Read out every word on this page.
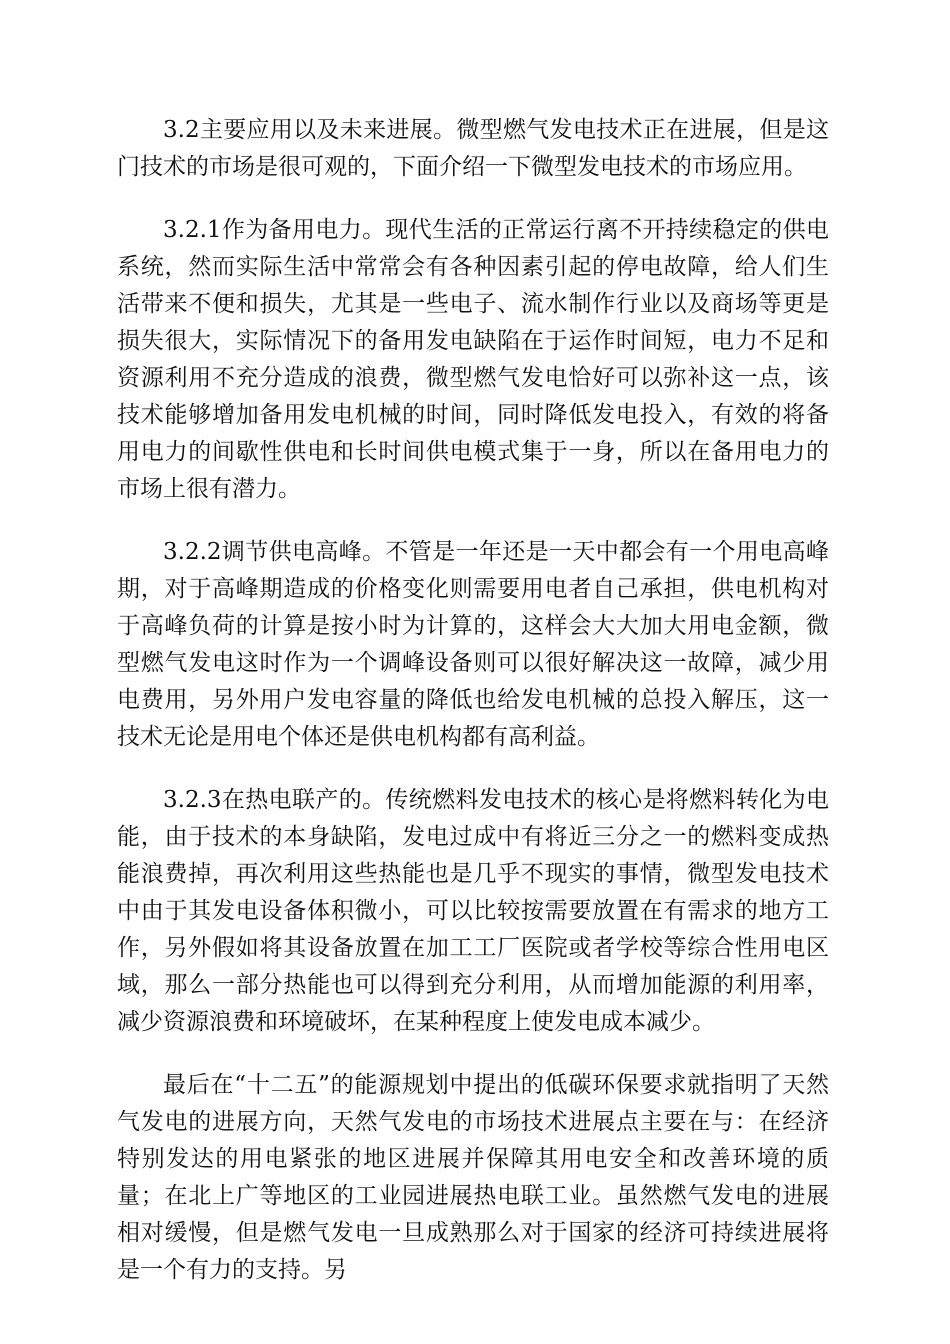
3.2主要应用以及未来进展。微型燃气发电技术正在进展，但是这门技术的市场是很可观的，下面介绍一下微型发电技术的市场应用。

3.2.1作为备用电力。现代生活的正常运行离不开持续稳定的供电系统，然而实际生活中常常会有各种因素引起的停电故障，给人们生活带来不便和损失，尤其是一些电子、流水制作行业以及商场等更是损失很大，实际情况下的备用发电缺陷在于运作时间短，电力不足和资源利用不充分造成的浪费，微型燃气发电恰好可以弥补这一点，该技术能够增加备用发电机械的时间，同时降低发电投入，有效的将备用电力的间歇性供电和长时间供电模式集于一身，所以在备用电力的市场上很有潜力。

3.2.2调节供电高峰。不管是一年还是一天中都会有一个用电高峰期，对于高峰期造成的价格变化则需要用电者自己承担，供电机构对于高峰负荷的计算是按小时为计算的，这样会大大加大用电金额，微型燃气发电这时作为一个调峰设备则可以很好解决这一故障，减少用电费用，另外用户发电容量的降低也给发电机械的总投入解压，这一技术无论是用电个体还是供电机构都有高利益。

3.2.3在热电联产的。传统燃料发电技术的核心是将燃料转化为电能，由于技术的本身缺陷，发电过成中有将近三分之一的燃料变成热能浪费掉，再次利用这些热能也是几乎不现实的事情，微型发电技术中由于其发电设备体积微小，可以比较按需要放置在有需求的地方工作，另外假如将其设备放置在加工工厂医院或者学校等综合性用电区域，那么一部分热能也可以得到充分利用，从而增加能源的利用率，减少资源浪费和环境破坏，在某种程度上使发电成本减少。

最后在“十二五”的能源规划中提出的低碳环保要求就指明了天然气发电的进展方向，天然气发电的市场技术进展点主要在与：在经济特别发达的用电紧张的地区进展并保障其用电安全和改善环境的质量；在北上广等地区的工业园进展热电联工业。虽然燃气发电的进展相对缓慢，但是燃气发电一旦成熟那么对于国家的经济可持续进展将是一个有力的支持。另
